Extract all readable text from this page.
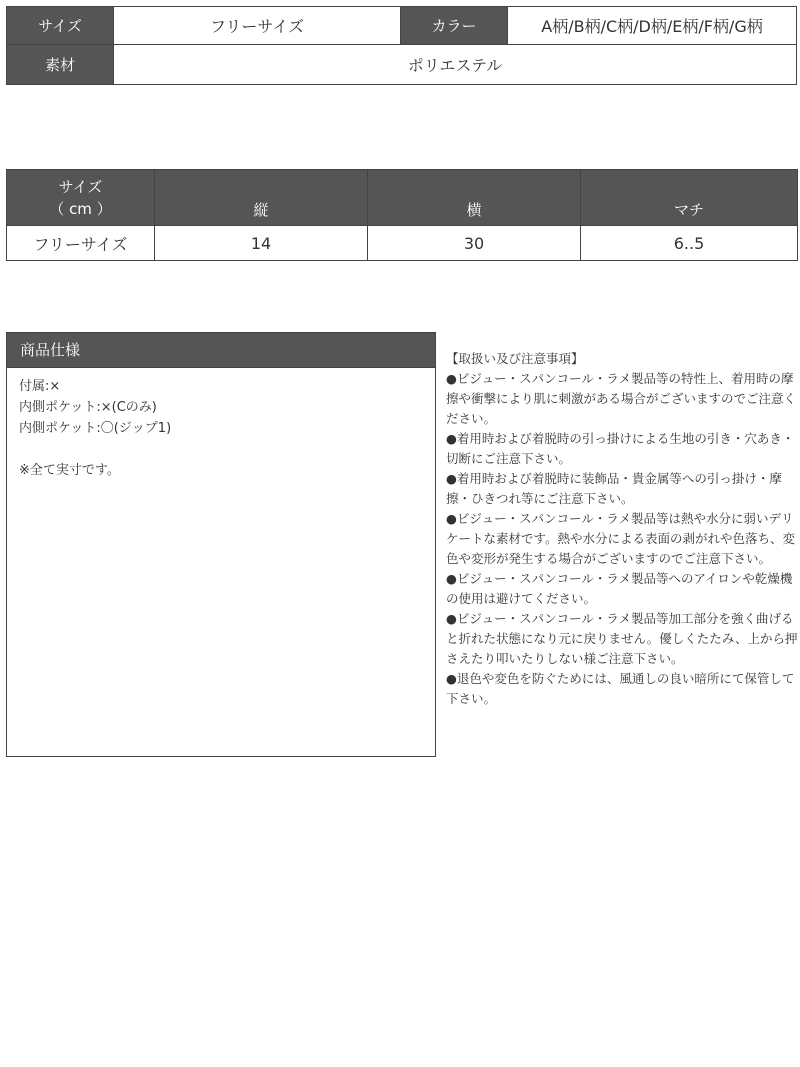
サイズ	フリーサイズ	カラー	A柄/B柄/C柄/D柄/E柄/F柄/G柄
素材	ポリエステル		
サイズ
（ cm ）	縦	横	マチ
フリーサイズ	14	30	6..5
商品仕様
付属:×
内側ポケット:×(Cのみ)
内側ポケット:〇(ジップ1)
※全て実寸です。

【取扱い及び注意事項】

●ビジュー・スパンコール・ラメ製品等の特性上、着用時の摩擦や衝撃により肌に刺激がある場合がございますのでご注意ください。

●着用時および着脱時の引っ掛けによる生地の引き・穴あき・切断にご注意下さい。

●着用時および着脱時に装飾品・貴金属等への引っ掛け・摩擦・ひきつれ等にご注意下さい。

●ビジュー・スパンコール・ラメ製品等は熱や水分に弱いデリケートな素材です。熱や水分による表面の剥がれや色落ち、変色や変形が発生する場合がございますのでご注意下さい。

●ビジュー・スパンコール・ラメ製品等へのアイロンや乾燥機の使用は避けてください。

●ビジュー・スパンコール・ラメ製品等加工部分を強く曲げると折れた状態になり元に戻りません。優しくたたみ、上から押さえたり叩いたりしない様ご注意下さい。

●退色や変色を防ぐためには、風通しの良い暗所にて保管して下さい。
